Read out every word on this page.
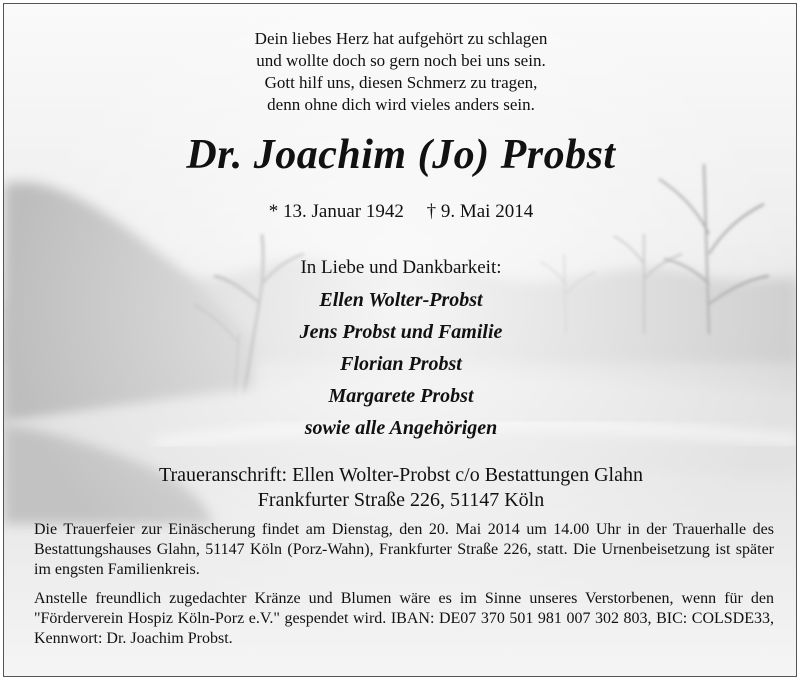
Dein liebes Herz hat aufgehört zu schlagen
und wollte doch so gern noch bei uns sein.
Gott hilf uns, diesen Schmerz zu tragen,
denn ohne dich wird vieles anders sein.
Dr. Joachim (Jo) Probst
* 13. Januar 1942 † 9. Mai 2014
In Liebe und Dankbarkeit:
Ellen Wolter-Probst
Jens Probst und Familie
Florian Probst
Margarete Probst
sowie alle Angehörigen
Traueranschrift: Ellen Wolter-Probst c/o Bestattungen Glahn
Frankfurter Straße 226, 51147 Köln
Die Trauerfeier zur Einäscherung findet am Dienstag, den 20. Mai 2014 um 14.00 Uhr in der Trauerhalle des Bestattungshauses Glahn, 51147 Köln (Porz-Wahn), Frankfurter Straße 226, statt. Die Urnenbeisetzung ist später im engsten Familienkreis.
Anstelle freundlich zugedachter Kränze und Blumen wäre es im Sinne unseres Verstorbenen, wenn für den "Förderverein Hospiz Köln-Porz e.V." gespendet wird. IBAN: DE07 370 501 981 007 302 803, BIC: COLSDE33, Kennwort: Dr. Joachim Probst.
